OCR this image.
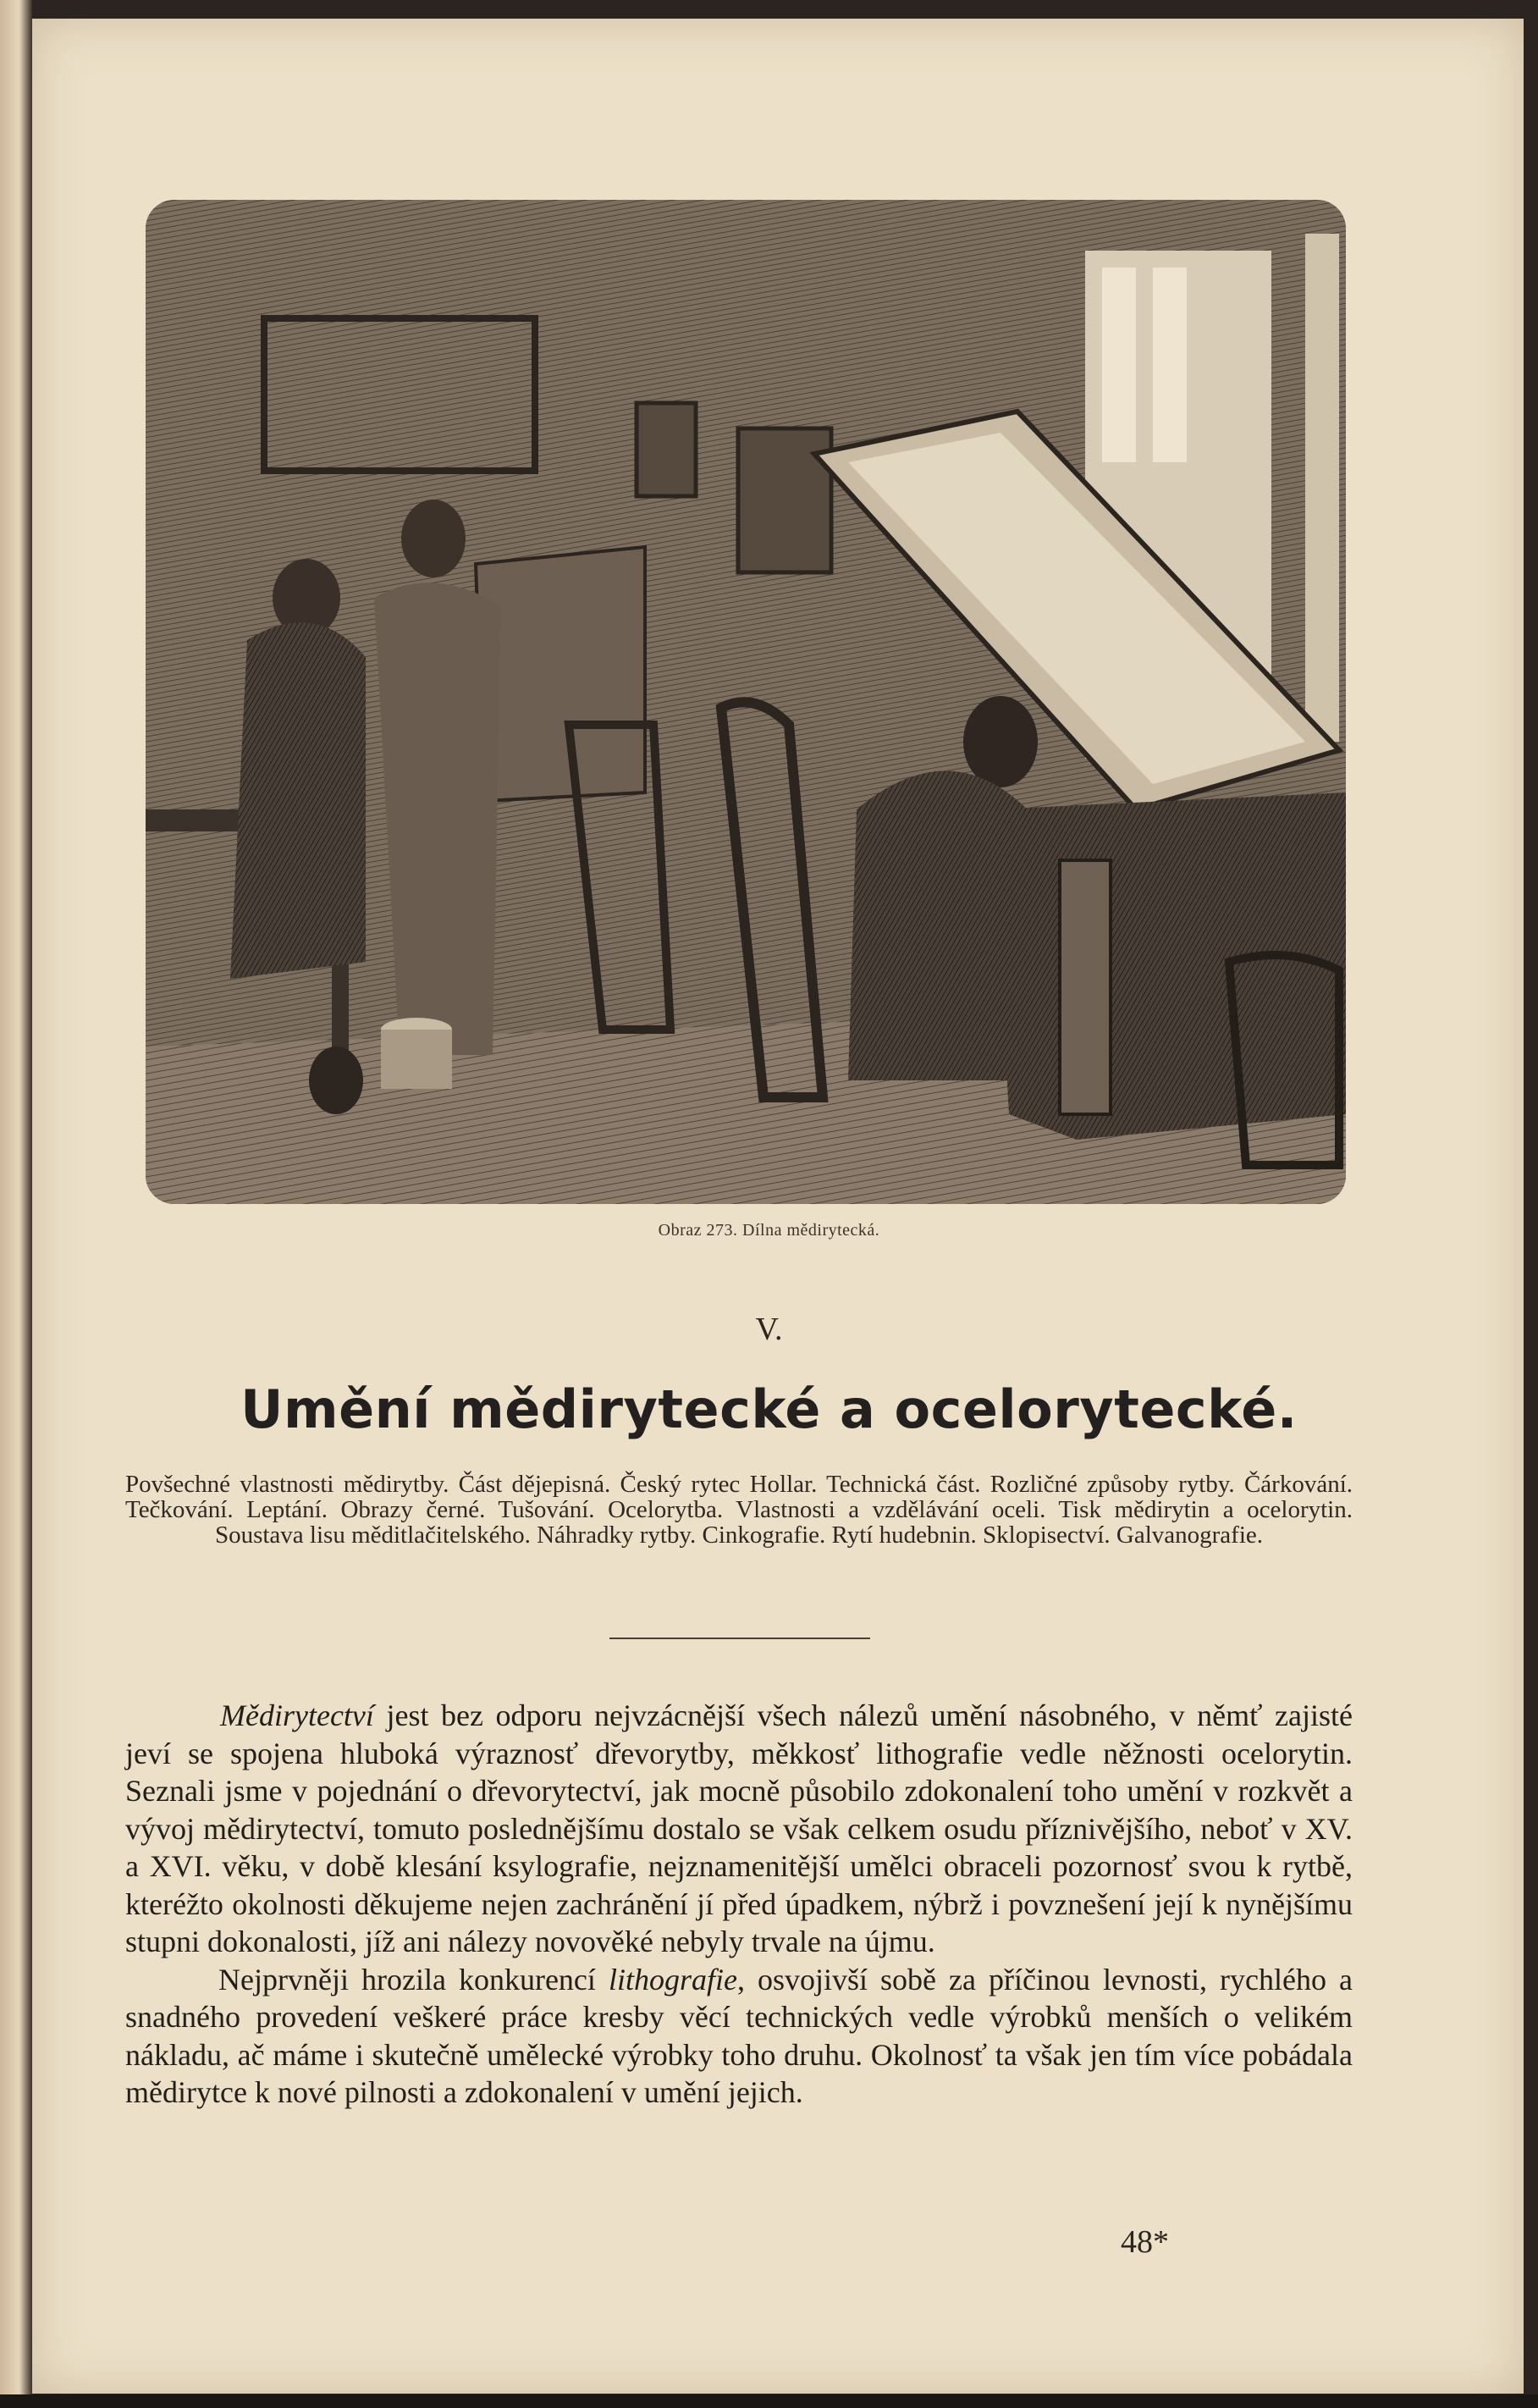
Obraz 273. Dílna mědirytecká.
V.
Umění mědirytecké a ocelorytecké.
Povšechné vlastnosti mědirytby. Část dějepisná. Český rytec Hollar. Technická část. Rozličné způsoby rytby. Čárkování. Tečkování. Leptání. Obrazy černé. Tušování. Ocelorytba. Vlastnosti a vzdělávání oceli. Tisk mědirytin a ocelorytin. Soustava lisu měditlačitelského. Náhradky rytby. Cinkografie. Rytí hudebnin. Sklopisectví. Galvanografie.

Mědirytectví jest bez odporu nejvzácnější všech nálezů umění násobného, v němť zajisté jeví se spojena hluboká výraznosť dřevorytby, měkkosť lithografie vedle něžnosti ocelorytin. Seznali jsme v pojednání o dřevorytectví, jak mocně působilo zdokonalení toho umění v rozkvět a vývoj mědirytectví, tomuto poslednějšímu dostalo se však celkem osudu příznivějšího, neboť v XV. a XVI. věku, v době klesání ksylografie, nejznamenitější umělci obraceli pozornosť svou k rytbě, kteréžto okolnosti děkujeme nejen zachránění jí před úpadkem, nýbrž i povznešení její k nynějšímu stupni dokonalosti, jíž ani nálezy novověké nebyly trvale na újmu.

Nejprvněji hrozila konkurencí lithografie, osvojivší sobě za příčinou levnosti, rychlého a snadného provedení veškeré práce kresby věcí technických vedle výrobků menších o velikém nákladu, ač máme i skutečně umělecké výrobky toho druhu. Okolnosť ta však jen tím více pobádala mědirytce k nové pilnosti a zdokonalení v umění jejich.

48*
